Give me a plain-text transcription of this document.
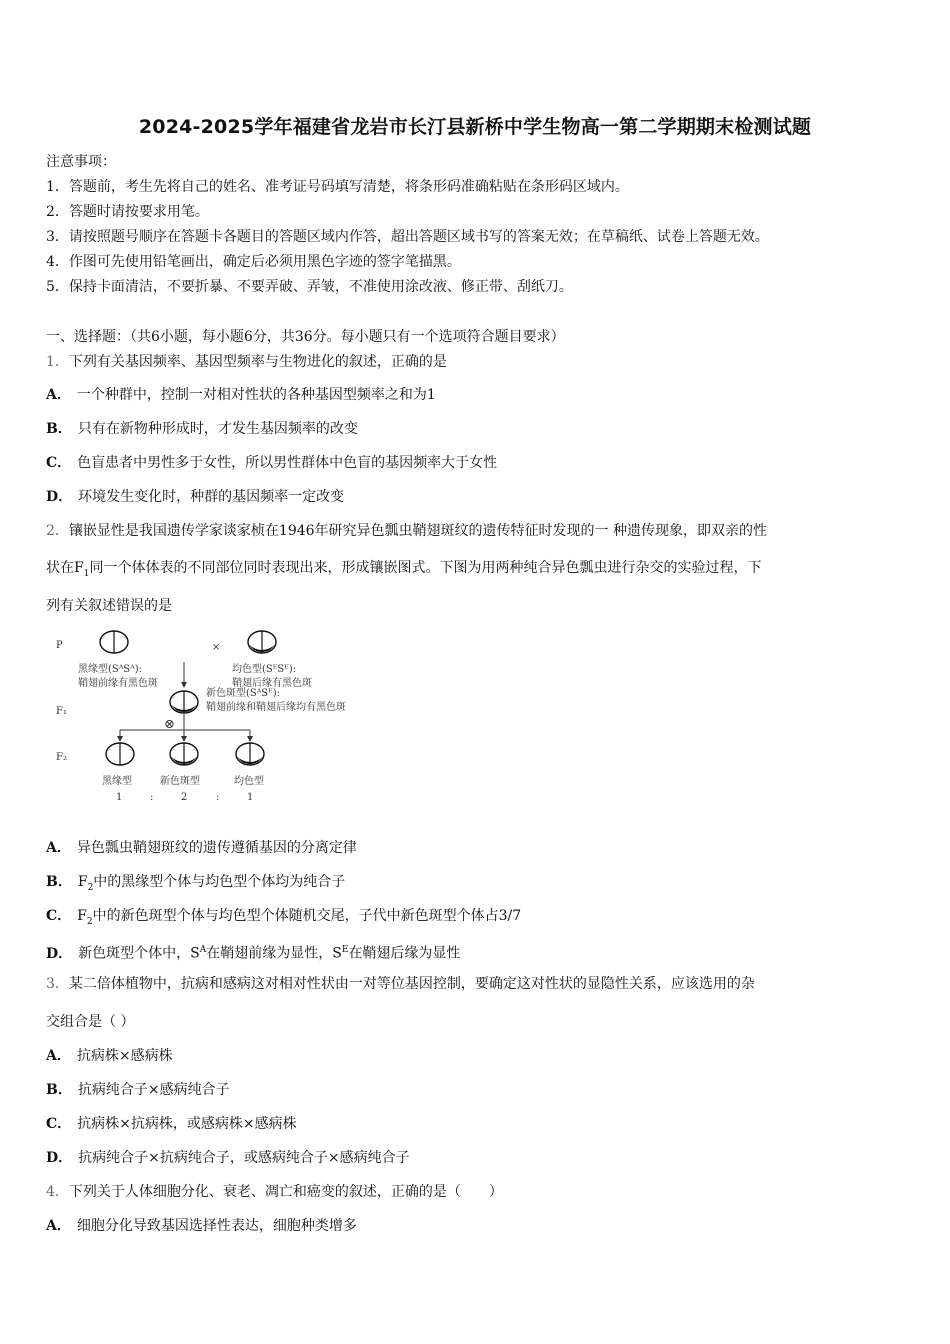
2024-2025学年福建省龙岩市长汀县新桥中学生物高一第二学期期末检测试题
注意事项：
1．答题前，考生先将自己的姓名、准考证号码填写清楚，将条形码准确粘贴在条形码区域内。
2．答题时请按要求用笔。
3．请按照题号顺序在答题卡各题目的答题区域内作答，超出答题区域书写的答案无效；在草稿纸、试卷上答题无效。
4．作图可先使用铅笔画出，确定后必须用黑色字迹的签字笔描黑。
5．保持卡面清洁，不要折暴、不要弄破、弄皱，不准使用涂改液、修正带、刮纸刀。
一、选择题：（共6小题，每小题6分，共36分。每小题只有一个选项符合题目要求）
1．下列有关基因频率、基因型频率与生物进化的叙述，正确的是
A． 一个种群中，控制一对相对性状的各种基因型频率之和为1
B． 只有在新物种形成时，才发生基因频率的改变
C． 色盲患者中男性多于女性，所以男性群体中色盲的基因频率大于女性
D． 环境发生变化时，种群的基因频率一定改变
2．镶嵌显性是我国遗传学家谈家桢在1946年研究异色瓢虫鞘翅斑纹的遗传特征时发现的一 种遗传现象，即双亲的性
状在$F_1$同一个体体表的不同部位同时表现出来，形成镶嵌图式。下图为用两种纯合异色瓢虫进行杂交的实验过程，下
列有关叙述错误的是
P
F₁
F₂
×
黑缘型(SᴬSᴬ):
鞘翅前缘有黑色斑
均色型(SᴱSᴱ):
鞘翅后缘有黑色斑
新色斑型(SᴬSᴱ):
鞘翅前缘和鞘翅后缘均有黑色斑
⊗
黑缘型	新色斑型	均色型
1	:	2	:	1
A． 异色瓢虫鞘翅斑纹的遗传遵循基因的分离定律
B． $F_2$中的黑缘型个体与均色型个体均为纯合子
C． $F_2$中的新色斑型个体与均色型个体随机交尾，子代中新色斑型个体占3/7
D． 新色斑型个体中，$S^A$在鞘翅前缘为显性，$S^E$在鞘翅后缘为显性
3．某二倍体植物中，抗病和感病这对相对性状由一对等位基因控制，要确定这对性状的显隐性关系，应该选用的杂
交组合是（ ）
A． 抗病株×感病株
B． 抗病纯合子×感病纯合子
C． 抗病株×抗病株，或感病株×感病株
D． 抗病纯合子×抗病纯合子，或感病纯合子×感病纯合子
4．下列关于人体细胞分化、衰老、凋亡和癌变的叙述，正确的是（　　）
A． 细胞分化导致基因选择性表达，细胞种类增多
